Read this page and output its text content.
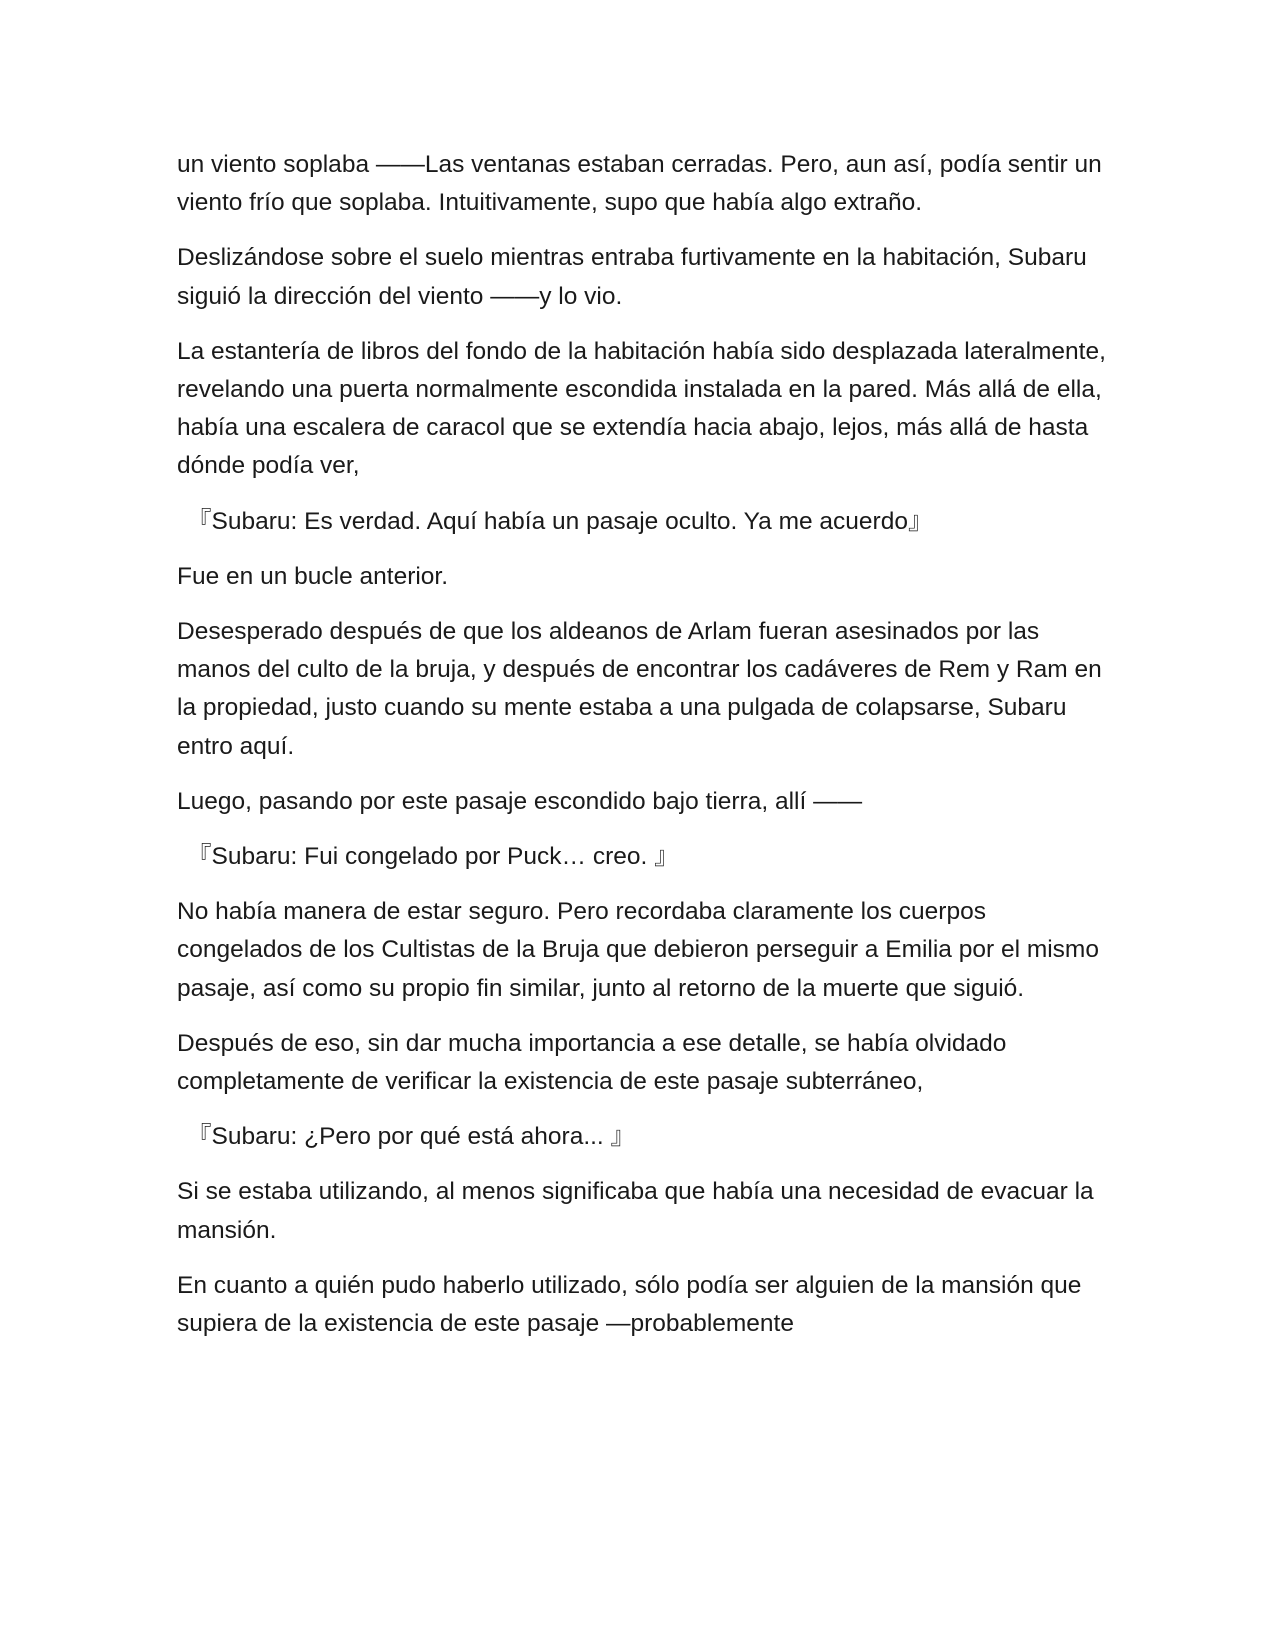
un viento soplaba ——Las ventanas estaban cerradas. Pero, aun así, podía sentir un viento frío que soplaba. Intuitivamente, supo que había algo extraño.

Deslizándose sobre el suelo mientras entraba furtivamente en la habitación, Subaru siguió la dirección del viento ——y lo vio.

La estantería de libros del fondo de la habitación había sido desplazada lateralmente, revelando una puerta normalmente escondida instalada en la pared. Más allá de ella, había una escalera de caracol que se extendía hacia abajo, lejos, más allá de hasta dónde podía ver,

『Subaru: Es verdad. Aquí había un pasaje oculto. Ya me acuerdo』

Fue en un bucle anterior.

Desesperado después de que los aldeanos de Arlam fueran asesinados por las manos del culto de la bruja, y después de encontrar los cadáveres de Rem y Ram en la propiedad, justo cuando su mente estaba a una pulgada de colapsarse, Subaru entro aquí.

Luego, pasando por este pasaje escondido bajo tierra, allí ——

『Subaru: Fui congelado por Puck… creo. 』

No había manera de estar seguro. Pero recordaba claramente los cuerpos congelados de los Cultistas de la Bruja que debieron perseguir a Emilia por el mismo pasaje, así como su propio fin similar, junto al retorno de la muerte que siguió.

Después de eso, sin dar mucha importancia a ese detalle, se había olvidado completamente de verificar la existencia de este pasaje subterráneo,

『Subaru: ¿Pero por qué está ahora... 』

Si se estaba utilizando, al menos significaba que había una necesidad de evacuar la mansión.

En cuanto a quién pudo haberlo utilizado, sólo podía ser alguien de la mansión que supiera de la existencia de este pasaje —probablemente
